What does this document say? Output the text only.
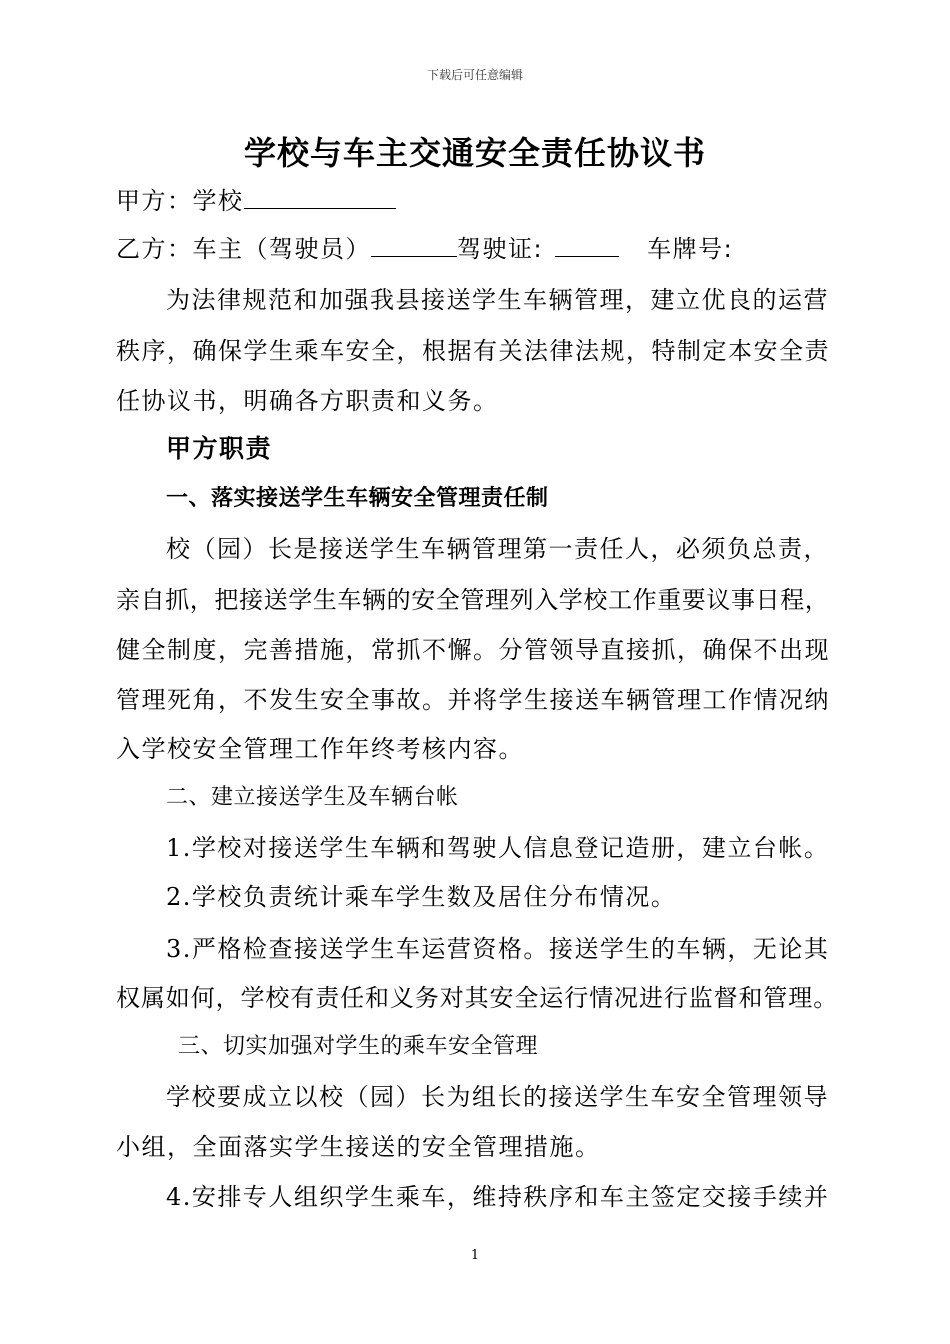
下载后可任意编辑
学校与车主交通安全责任协议书
甲方：学校
乙方：车主（驾驶员）	驾驶证:	车牌号:
为法律规范和加强我县接送学生车辆管理，建立优良的运营
秩序，确保学生乘车安全，根据有关法律法规，特制定本安全责
任协议书，明确各方职责和义务。
甲方职责
一、落实接送学生车辆安全管理责任制
校（园）长是接送学生车辆管理第一责任人，必须负总责，
亲自抓，把接送学生车辆的安全管理列入学校工作重要议事日程，
健全制度，完善措施，常抓不懈。分管领导直接抓，确保不出现
管理死角，不发生安全事故。并将学生接送车辆管理工作情况纳
入学校安全管理工作年终考核内容。
二、建立接送学生及车辆台帐
1.学校对接送学生车辆和驾驶人信息登记造册，建立台帐。
2.学校负责统计乘车学生数及居住分布情况。
3.严格检查接送学生车运营资格。接送学生的车辆，无论其
权属如何，学校有责任和义务对其安全运行情况进行监督和管理。
三、切实加强对学生的乘车安全管理
学校要成立以校（园）长为组长的接送学生车安全管理领导
小组，全面落实学生接送的安全管理措施。
4.安排专人组织学生乘车，维持秩序和车主签定交接手续并
1
